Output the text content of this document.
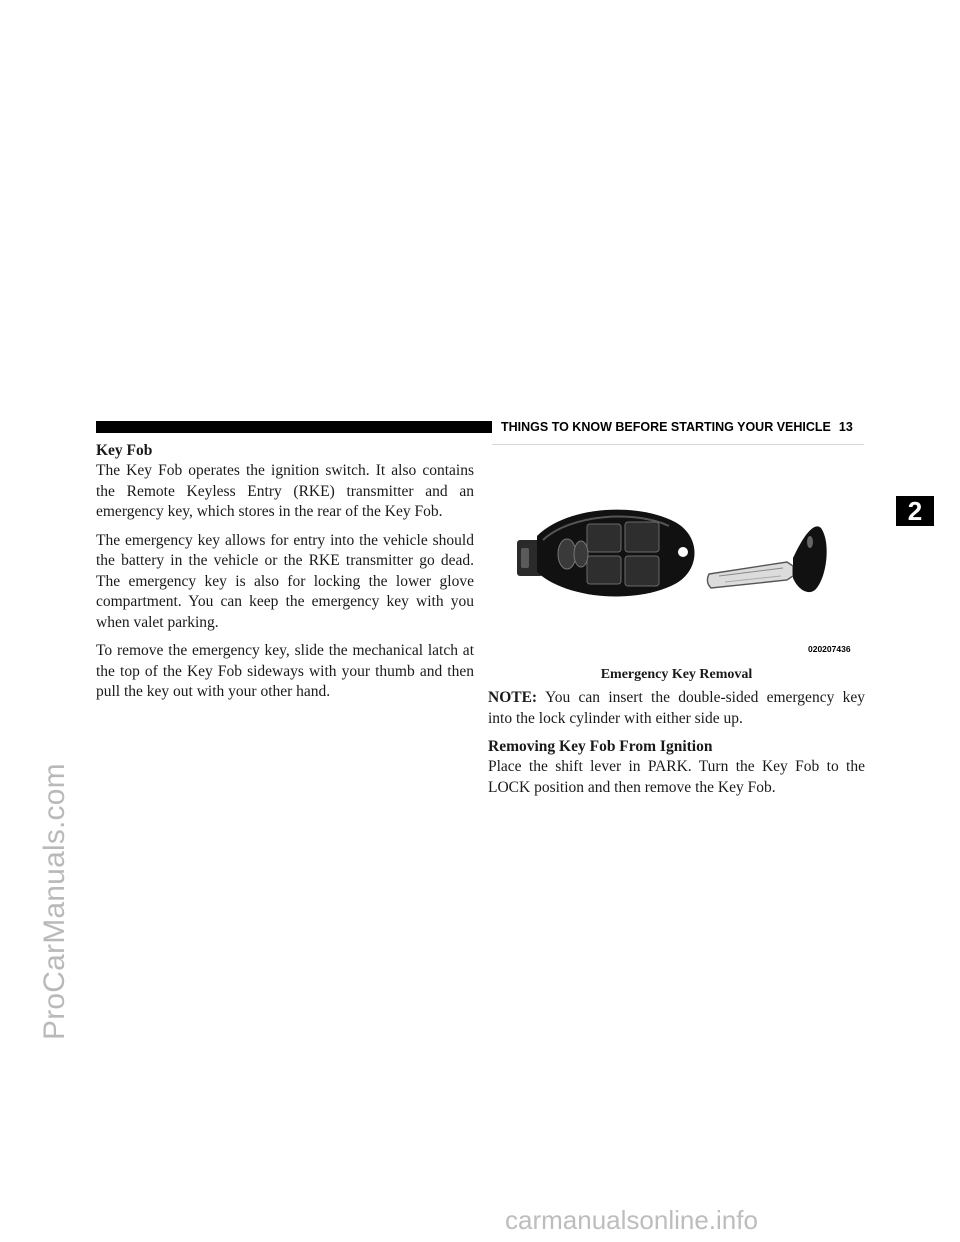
ProCarManuals.com
THINGS TO KNOW BEFORE STARTING YOUR VEHICLE 13
2
Key Fob

The Key Fob operates the ignition switch. It also contains the Remote Keyless Entry (RKE) transmitter and an emergency key, which stores in the rear of the Key Fob.

The emergency key allows for entry into the vehicle should the battery in the vehicle or the RKE transmitter go dead. The emergency key is also for locking the lower glove compartment. You can keep the emergency key with you when valet parking.

To remove the emergency key, slide the mechanical latch at the top of the Key Fob sideways with your thumb and then pull the key out with your other hand.

020207436
Emergency Key Removal

NOTE: You can insert the double-sided emergency key into the lock cylinder with either side up.

Removing Key Fob From Ignition

Place the shift lever in PARK. Turn the Key Fob to the LOCK position and then remove the Key Fob.

carmanualsonline.info
